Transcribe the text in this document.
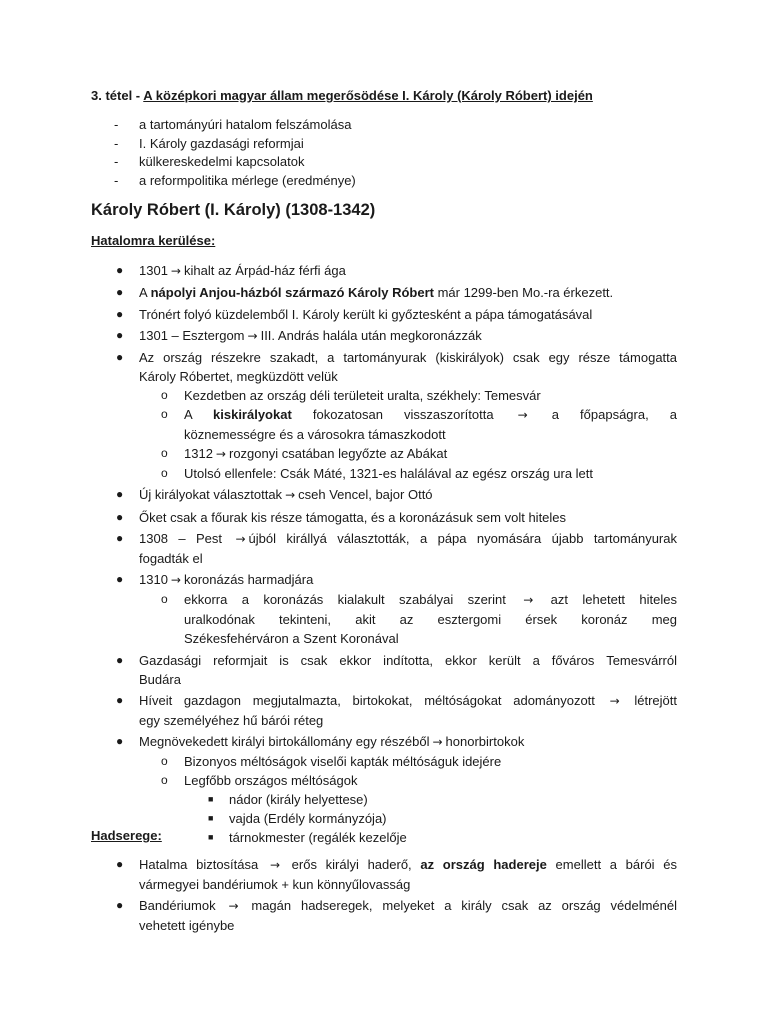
3. tétel - A középkori magyar állam megerősödése I. Károly (Károly Róbert) idején
- a tartományúri hatalom felszámolása
- I. Károly gazdasági reformjai
- külkereskedelmi kapcsolatok
- a reformpolitika mérlege (eredménye)
Károly Róbert (I. Károly) (1308-1342)
Hatalomra kerülése:
● 1301 → kihalt az Árpád-ház férfi ága
● A nápolyi Anjou-házból származó Károly Róbert már 1299-ben Mo.-ra érkezett.
● Trónért folyó küzdelemből I. Károly került ki győztesként a pápa támogatásával
● 1301 – Esztergom → III. András halála után megkoronázzák
● Az ország részekre szakadt, a tartományurak (kiskirályok) csak egy része támogatta
Károly Róbertet, megküzdött velük
o Kezdetben az ország déli területeit uralta, székhely: Temesvár
o A kiskirályokat fokozatosan visszaszorította → a főpapságra, a
köznemességre és a városokra támaszkodott
o 1312 → rozgonyi csatában legyőzte az Abákat
o Utolsó ellenfele: Csák Máté, 1321-es halálával az egész ország ura lett
● Új királyokat választottak → cseh Vencel, bajor Ottó
● Őket csak a főurak kis része támogatta, és a koronázásuk sem volt hiteles
● 1308 – Pest → újból királlyá választották, a pápa nyomására újabb tartományurak
fogadták el
● 1310 → koronázás harmadjára
o ekkorra a koronázás kialakult szabályai szerint → azt lehetett hiteles
uralkodónak tekinteni, akit az esztergomi érsek koronáz meg
Székesfehérváron a Szent Koronával
● Gazdasági reformjait is csak ekkor indította, ekkor került a főváros Temesvárról
Budára
● Híveit gazdagon megjutalmazta, birtokokat, méltóságokat adományozott → létrejött
egy személyéhez hű bárói réteg
● Megnövekedett királyi birtokállomány egy részéből → honorbirtokok
o Bizonyos méltóságok viselői kapták méltóságuk idejére
o Legfőbb országos méltóságok
■ nádor (király helyettese)
■ vajda (Erdély kormányzója)
■ tárnokmester (regálék kezelője
Hadserege:
● Hatalma biztosítása → erős királyi haderő, az ország hadereje emellett a bárói és
vármegyei bandériumok + kun könnyűlovasság
● Bandériumok → magán hadseregek, melyeket a király csak az ország védelménél
vehetett igénybe
